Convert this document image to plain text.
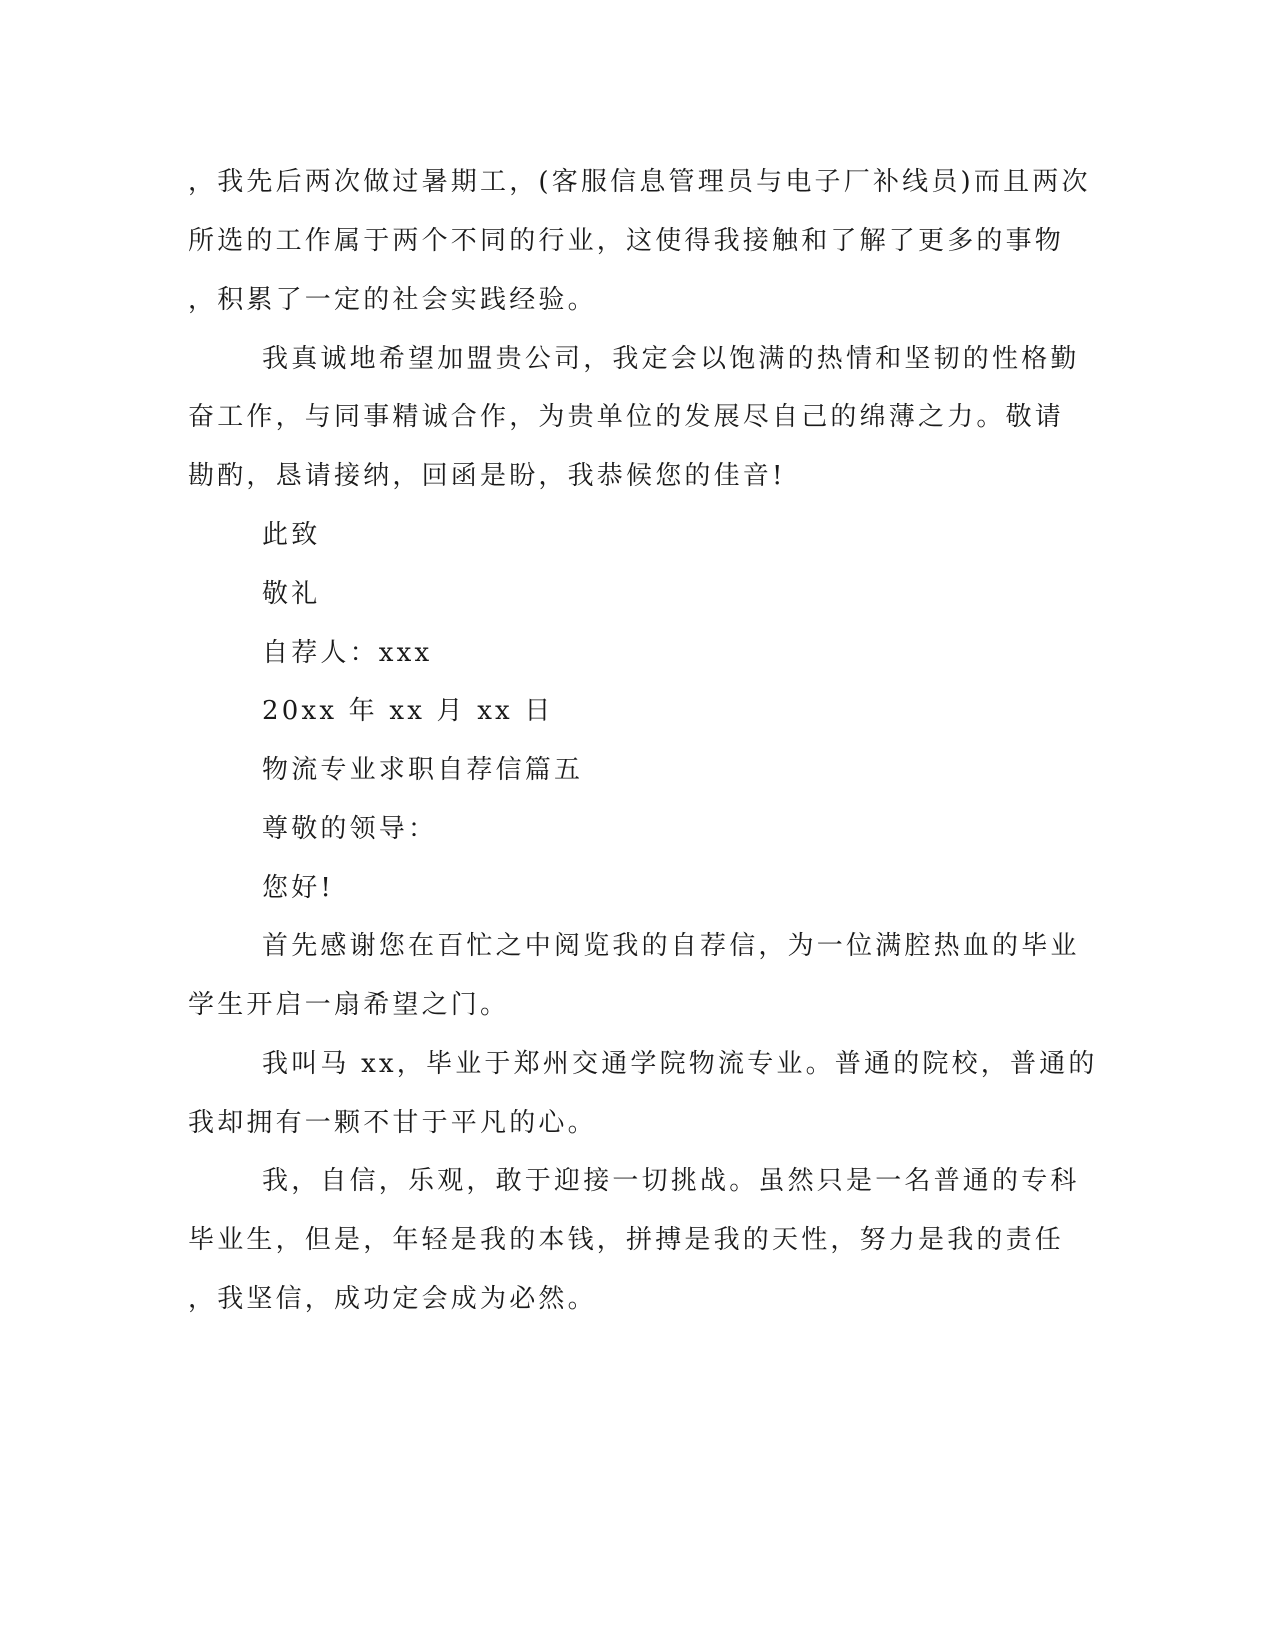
，我先后两次做过暑期工，(客服信息管理员与电子厂补线员)而且两次
所选的工作属于两个不同的行业，这使得我接触和了解了更多的事物
，积累了一定的社会实践经验。
我真诚地希望加盟贵公司，我定会以饱满的热情和坚韧的性格勤
奋工作，与同事精诚合作，为贵单位的发展尽自己的绵薄之力。敬请
勘酌，恳请接纳，回函是盼，我恭候您的佳音!
此致
敬礼
自荐人：xxx
20xx 年 xx 月 xx 日
物流专业求职自荐信篇五
尊敬的领导：
您好!
首先感谢您在百忙之中阅览我的自荐信，为一位满腔热血的毕业
学生开启一扇希望之门。
我叫马 xx，毕业于郑州交通学院物流专业。普通的院校，普通的
我却拥有一颗不甘于平凡的心。
我，自信，乐观，敢于迎接一切挑战。虽然只是一名普通的专科
毕业生，但是，年轻是我的本钱，拼搏是我的天性，努力是我的责任
，我坚信，成功定会成为必然。
